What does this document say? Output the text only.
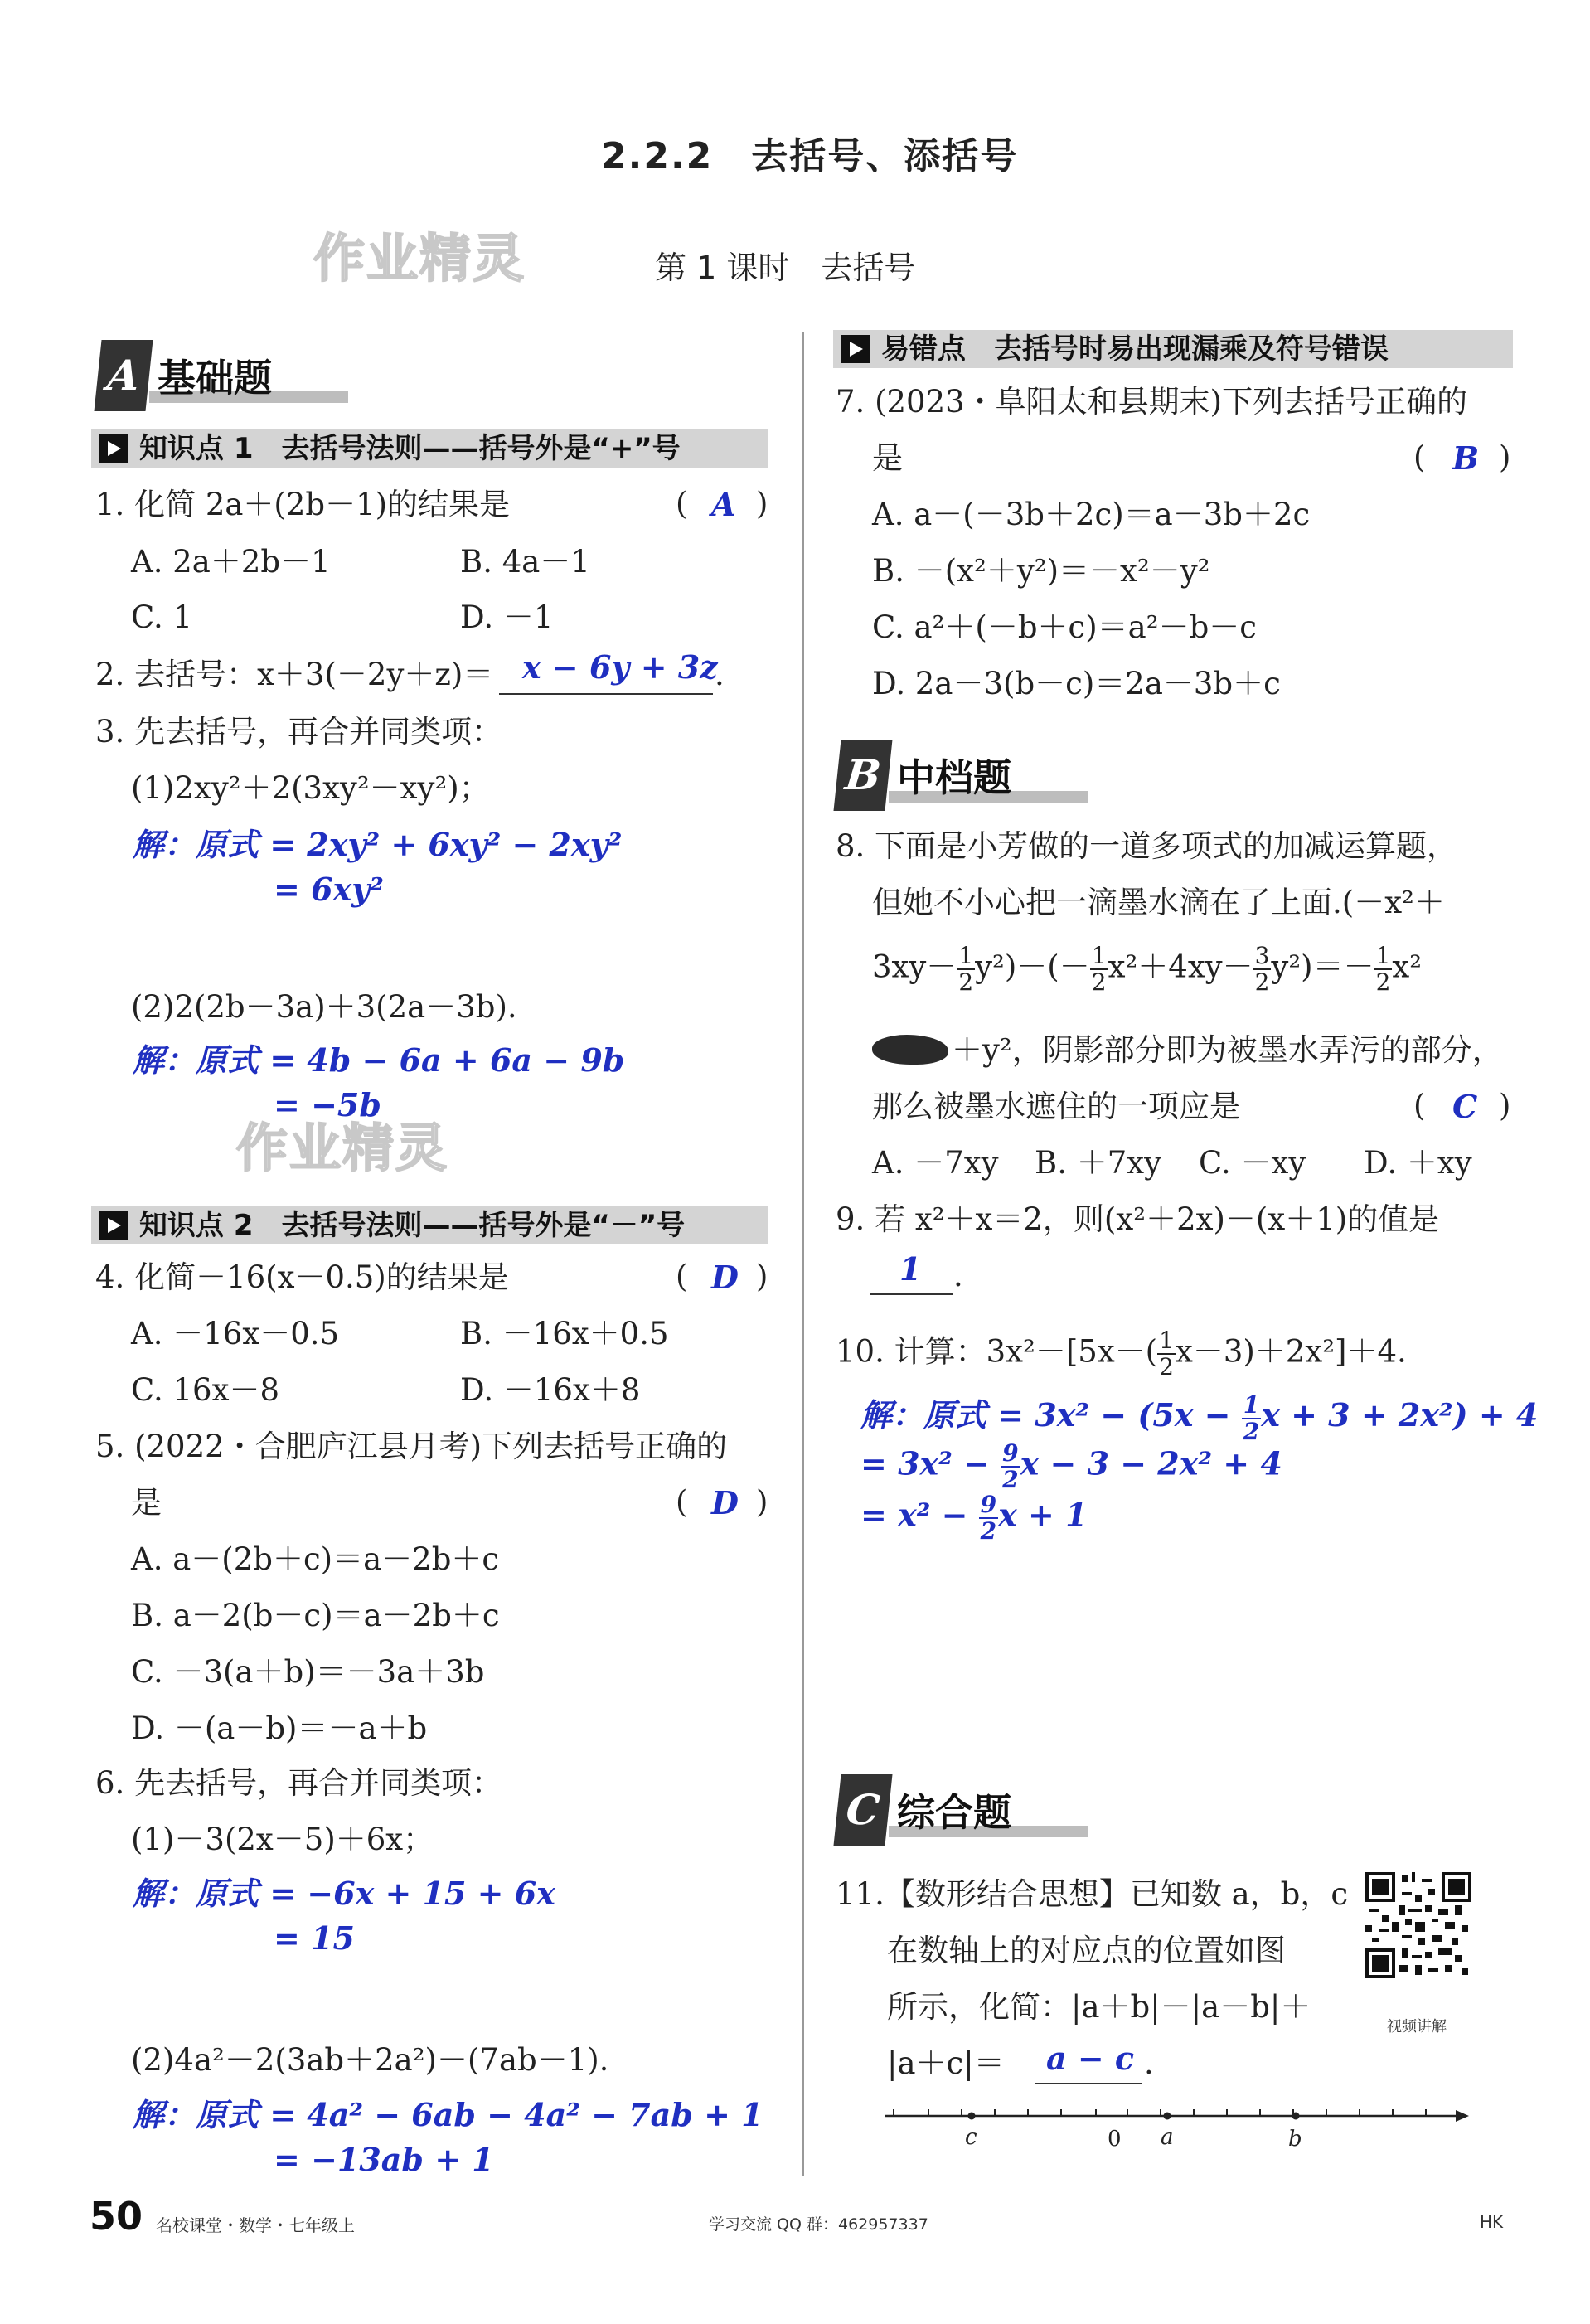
作业精灵
作业精灵
2.2.2　去括号、添括号
第 1 课时　去括号
A 基础题
知识点 1　去括号法则——括号外是“+”号
1. 化简 2a＋(2b－1)的结果是	( A )
A. 2a＋2b－1	B. 4a－1
C. 1	D. －1
2. 去括号：x＋3(－2y＋z)＝ x − 6y + 3z
.
3. 先去括号，再合并同类项：
(1)2xy²＋2(3xy²－xy²)；
解：原式 = 2xy² + 6xy² − 2xy²
= 6xy²
(2)2(2b－3a)＋3(2a－3b).
解：原式 = 4b − 6a + 6a − 9b
= −5b
知识点 2　去括号法则——括号外是“－”号
4. 化简－16(x－0.5)的结果是	( D )
A. －16x－0.5	B. －16x＋0.5
C. 16x－8	D. －16x＋8
5. (2022・合肥庐江县月考)下列去括号正确的
是	( D )
A. a－(2b＋c)＝a－2b＋c
B. a－2(b－c)＝a－2b＋c
C. －3(a＋b)＝－3a＋3b
D. －(a－b)＝－a＋b
6. 先去括号，再合并同类项：
(1)－3(2x－5)＋6x；
解：原式 = −6x + 15 + 6x
= 15
(2)4a²－2(3ab＋2a²)－(7ab－1).
解：原式 = 4a² − 6ab − 4a² − 7ab + 1
= −13ab + 1
易错点　去括号时易出现漏乘及符号错误
7. (2023・阜阳太和县期末)下列去括号正确的
是	( B )
A. a－(－3b＋2c)＝a－3b＋2c
B. －(x²＋y²)＝－x²－y²
C. a²＋(－b＋c)＝a²－b－c
D. 2a－3(b－c)＝2a－3b＋c
B 中档题
8. 下面是小芳做的一道多项式的加减运算题，
但她不小心把一滴墨水滴在了上面.(－x²＋
$3xy- \frac{1}{2} y^2)-(- \frac{1}{2} x^2+4xy- \frac{3}{2} y^2)=- \frac{1}{2} x^2$
＋y²，阴影部分即为被墨水弄污的部分，
那么被墨水遮住的一项应是	( C )
A. －7xy B. ＋7xy C. －xy D. ＋xy
9. 若 x²＋x＝2，则(x²＋2x)－(x＋1)的值是
1 .
10. 计算：$3x^2-[5x-( \frac{1}{2} x-3)+2x^2]+4$.
解：原式 = $3x^2 - (5x - \frac{1}{2}$ x + 3 + 2x²) + 4
= $3x^2 - \frac{9}{2}$ x − 3 − 2x² + 4
= $x^2 - \frac{9}{2}$ x + 1
C 综合题
11.【数形结合思想】已知数 a，b，c
在数轴上的对应点的位置如图
所示，化简：|a＋b|－|a－b|＋
|a＋c|＝ a − c .
视频讲解
c	0 a	b
50 名校课堂・数学・七年级上	学习交流 QQ 群：462957337	HK
